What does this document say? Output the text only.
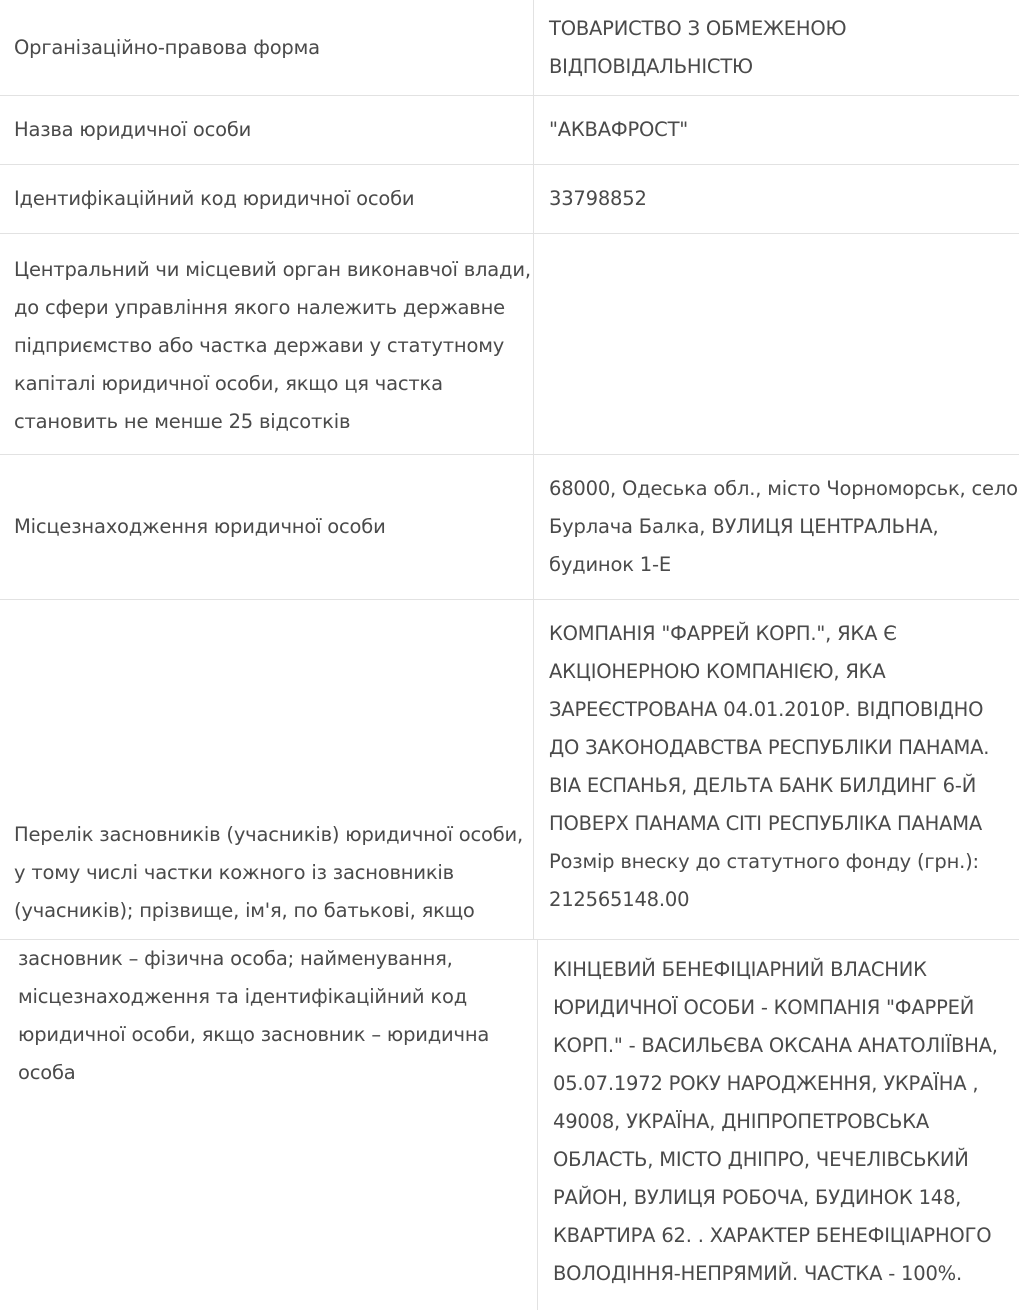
Організаційно-правова форма
ТОВАРИСТВО З ОБМЕЖЕНОЮ
ВІДПОВІДАЛЬНІСТЮ
Назва юридичної особи	"АКВАФРОСТ"
Ідентифікаційний код юридичної особи	33798852
Центральний чи місцевий орган виконавчої влади,
до сфери управління якого належить державне
підприємство або частка держави у статутному
капіталі юридичної особи, якщо ця частка
становить не менше 25 відсотків
Місцезнаходження юридичної особи
68000, Одеська обл., місто Чорноморськ, село
Бурлача Балка, ВУЛИЦЯ ЦЕНТРАЛЬНА,
будинок 1-Е
Перелік засновників (учасників) юридичної особи,
у тому числі частки кожного із засновників
(учасників); прізвище, ім'я, по батькові, якщо
КОМПАНІЯ "ФАРРЕЙ КОРП.", ЯКА Є
АКЦІОНЕРНОЮ КОМПАНІЄЮ, ЯКА
ЗАРЕЄСТРОВАНА 04.01.2010Р. ВІДПОВІДНО
ДО ЗАКОНОДАВСТВА РЕСПУБЛІКИ ПАНАМА.
ВІА ЕСПАНЬЯ, ДЕЛЬТА БАНК БИЛДИНГ 6-Й
ПОВЕРХ ПАНАМА СІТІ РЕСПУБЛІКА ПАНАМА
Розмір внеску до статутного фонду (грн.):
212565148.00
засновник – фізична особа; найменування,
місцезнаходження та ідентифікаційний код
юридичної особи, якщо засновник – юридична
особа
КІНЦЕВИЙ БЕНЕФІЦІАРНИЙ ВЛАСНИК
ЮРИДИЧНОЇ ОСОБИ - КОМПАНІЯ "ФАРРЕЙ
КОРП." - ВАСИЛЬЄВА ОКСАНА АНАТОЛІЇВНА,
05.07.1972 РОКУ НАРОДЖЕННЯ, УКРАЇНА ,
49008, УКРАЇНА, ДНІПРОПЕТРОВСЬКА
ОБЛАСТЬ, МІСТО ДНІПРО, ЧЕЧЕЛІВСЬКИЙ
РАЙОН, ВУЛИЦЯ РОБОЧА, БУДИНОК 148,
КВАРТИРА 62. . ХАРАКТЕР БЕНЕФІЦІАРНОГО
ВОЛОДІННЯ-НЕПРЯМИЙ. ЧАСТКА - 100%.
